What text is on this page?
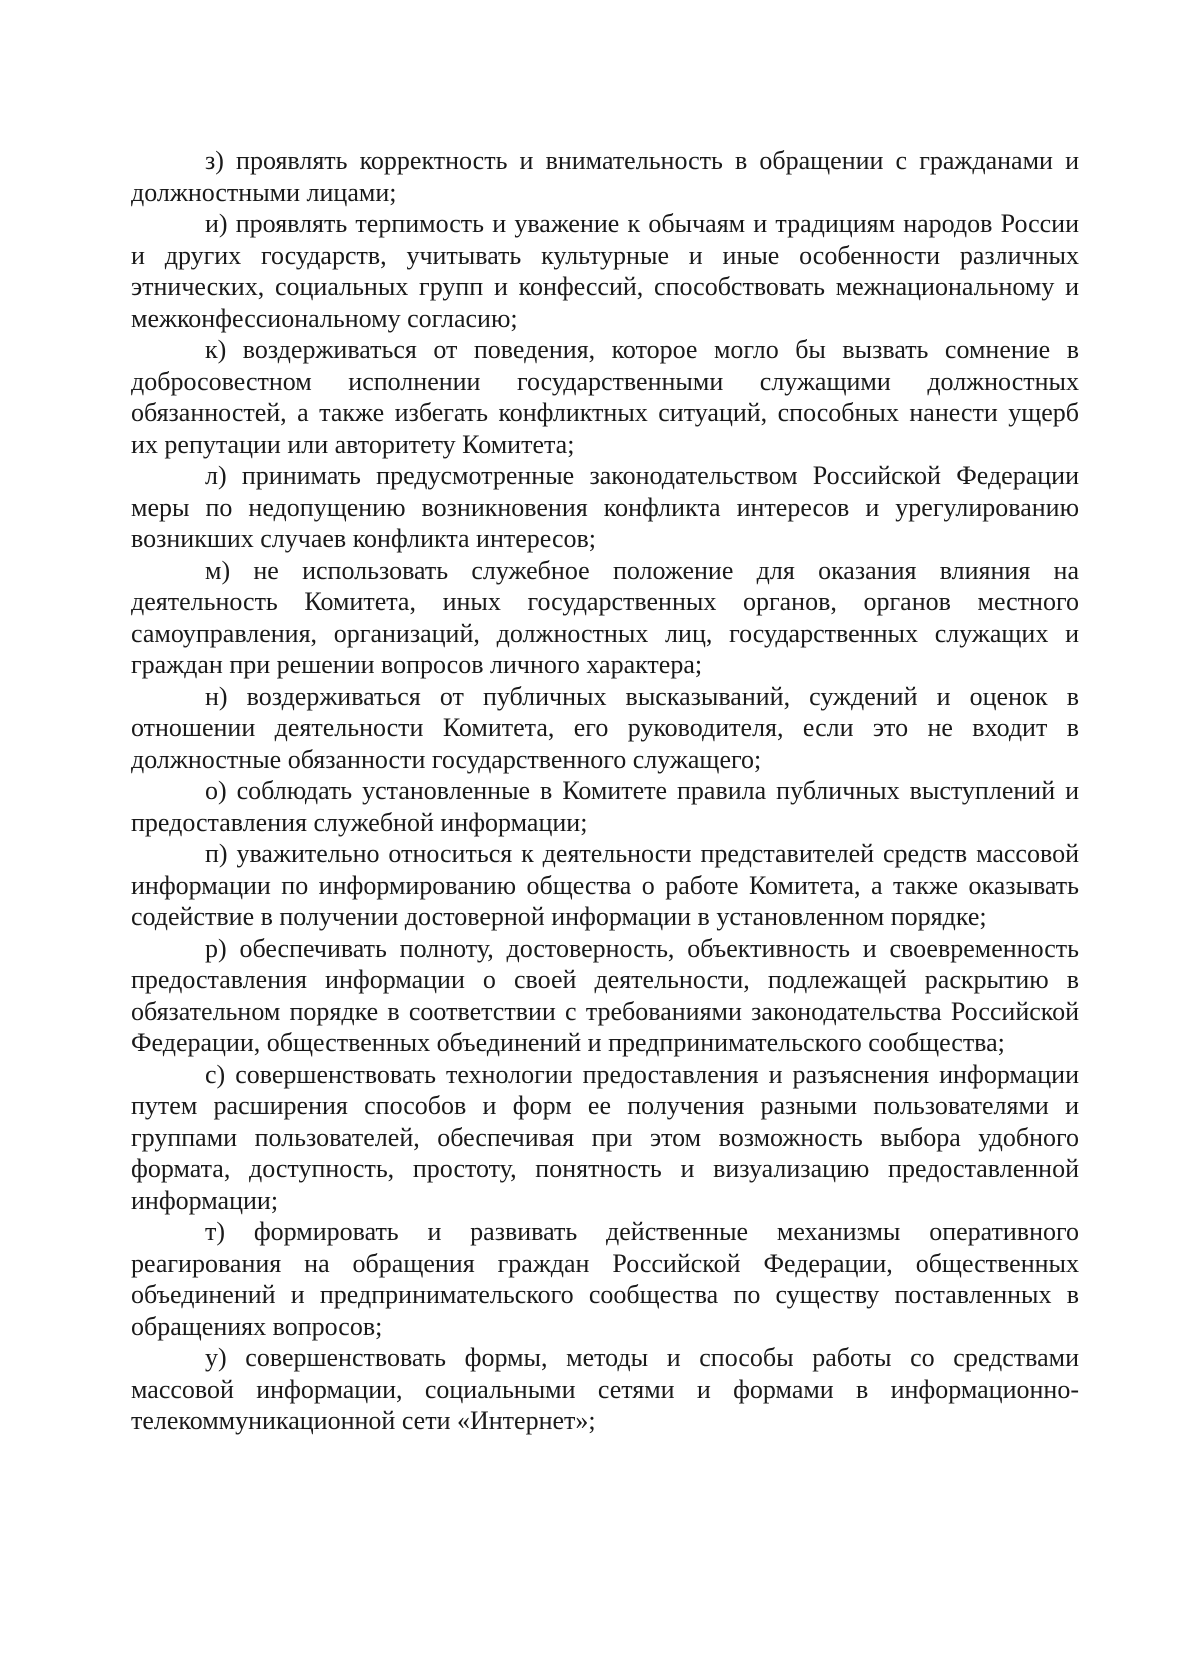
з) проявлять корректность и внимательность в обращении с гражданами и должностными лицами;

и) проявлять терпимость и уважение к обычаям и традициям народов России и других государств, учитывать культурные и иные особенности различных этнических, социальных групп и конфессий, способствовать межнациональному и межконфессиональному согласию;

к) воздерживаться от поведения, которое могло бы вызвать сомнение в добросовестном исполнении государственными служащими должностных обязанностей, а также избегать конфликтных ситуаций, способных нанести ущерб их репутации или авторитету Комитета;

л) принимать предусмотренные законодательством Российской Федерации меры по недопущению возникновения конфликта интересов и урегулированию возникших случаев конфликта интересов;

м) не использовать служебное положение для оказания влияния на деятельность Комитета, иных государственных органов, органов местного самоуправления, организаций, должностных лиц, государственных служащих и граждан при решении вопросов личного характера;

н) воздерживаться от публичных высказываний, суждений и оценок в отношении деятельности Комитета, его руководителя, если это не входит в должностные обязанности государственного служащего;

о) соблюдать установленные в Комитете правила публичных выступлений и предоставления служебной информации;

п) уважительно относиться к деятельности представителей средств массовой информации по информированию общества о работе Комитета, а также оказывать содействие в получении достоверной информации в установленном порядке;

р) обеспечивать полноту, достоверность, объективность и своевременность предоставления информации о своей деятельности, подлежащей раскрытию в обязательном порядке в соответствии с требованиями законодательства Российской Федерации, общественных объединений и предпринимательского сообщества;

с) совершенствовать технологии предоставления и разъяснения информации путем расширения способов и форм ее получения разными пользователями и группами пользователей, обеспечивая при этом возможность выбора удобного формата, доступность, простоту, понятность и визуализацию предоставленной информации;

т) формировать и развивать действенные механизмы оперативного реагирования на обращения граждан Российской Федерации, общественных объединений и предпринимательского сообщества по существу поставленных в обращениях вопросов;

у) совершенствовать формы, методы и способы работы со средствами массовой информации, социальными сетями и формами в информационно-телекоммуникационной сети «Интернет»;
